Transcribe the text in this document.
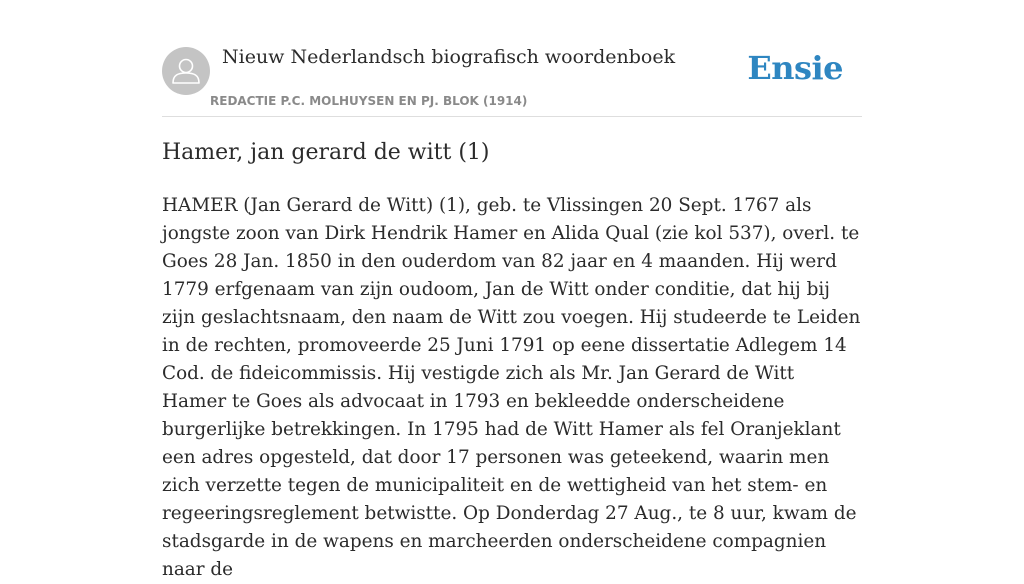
Nieuw Nederlandsch biografisch woordenboek
REDACTIE P.C. MOLHUYSEN EN PJ. BLOK (1914)
Ensie
Hamer, jan gerard de witt (1)

HAMER (Jan Gerard de Witt) (1), geb. te Vlissingen 20 Sept. 1767 als jongste zoon van Dirk Hendrik Hamer en Alida Qual (zie kol 537), overl. te Goes 28 Jan. 1850 in den ouderdom van 82 jaar en 4 maanden. Hij werd 1779 erfgenaam van zijn oudoom, Jan de Witt onder conditie, dat hij bij zijn geslachtsnaam, den naam de Witt zou voegen. Hij studeerde te Leiden in de rechten, promoveerde 25 Juni 1791 op eene dissertatie Adlegem 14 Cod. de fideicommissis. Hij vestigde zich als Mr. Jan Gerard de Witt Hamer te Goes als advocaat in 1793 en bekleedde onderscheidene burgerlijke betrekkingen. In 1795 had de Witt Hamer als fel Oranjeklant een adres opgesteld, dat door 17 personen was geteekend, waarin men zich verzette tegen de municipaliteit en de wettigheid van het stem- en regeeringsreglement betwistte. Op Donderdag 27 Aug., te 8 uur, kwam de stadsgarde in de wapens en marcheerden onderscheidene compagnien naar de
